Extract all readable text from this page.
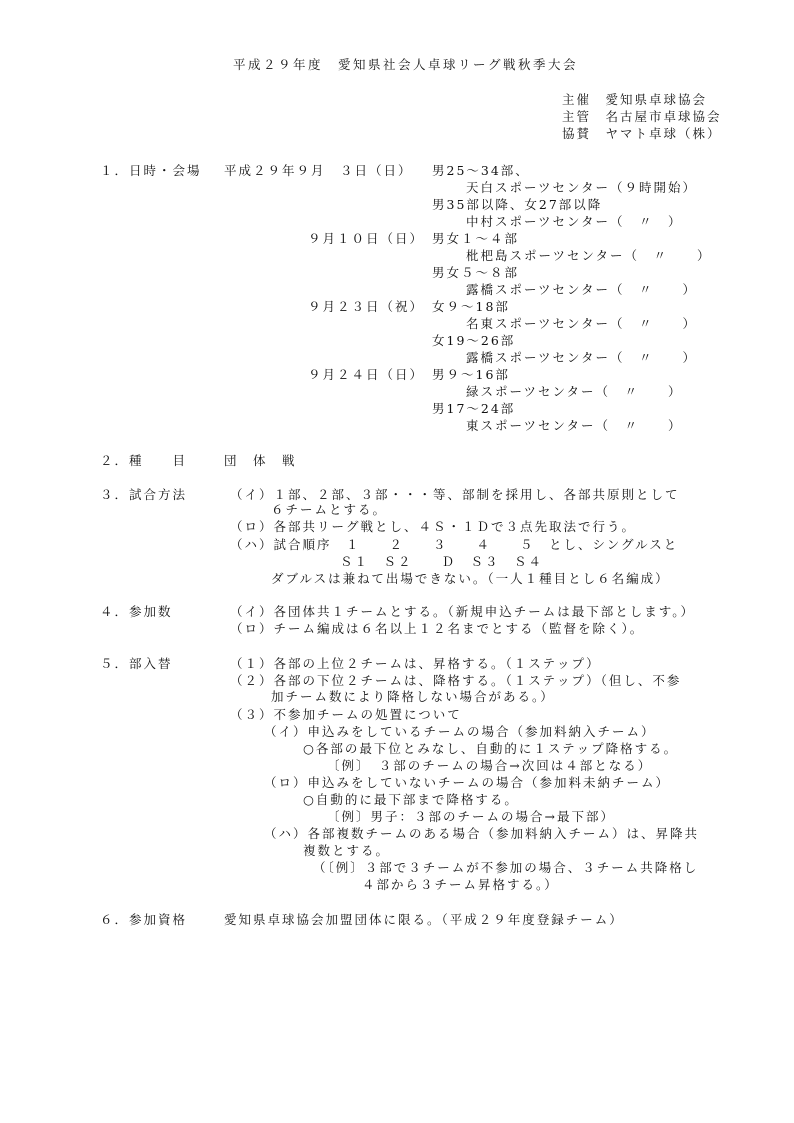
平成２９年度　愛知県社会人卓球リーグ戦秋季大会
主催　愛知県卓球協会
主管　名古屋市卓球協会
協賛　ヤマト卓球（株）
１．日時・会場 平成２９年９月　３日（日） 男25～34部、
天白スポーツセンター（９時開始）
男35部以降、女27部以降
中村スポーツセンター（　〃　）
９月１０日（日） 男女１～４部
枇杷島スポーツセンター（　〃　　）
男女５～８部
露橋スポーツセンター（　〃　　）
９月２３日（祝） 女９～18部
名東スポーツセンター（　〃　　）
女19～26部
露橋スポーツセンター（　〃　　）
９月２４日（日） 男９～16部
緑スポーツセンター（　〃　　）
男17～24部
東スポーツセンター（　〃　　）
２．種　　目	団　体　戦
３．試合方法	（イ）１部、２部、３部・・・等、部制を採用し、各部共原則として
６チームとする。
（ロ）各部共リーグ戦とし、４Ｓ・１Ｄで３点先取法で行う。
（ハ）試合順序　１　　２　　３　　４　　５　とし、シングルスと
Ｓ１　Ｓ２　　Ｄ　Ｓ３　Ｓ４
ダブルスは兼ねて出場できない。（一人１種目とし６名編成）
４．参加数	（イ）各団体共１チームとする。（新規申込チームは最下部とします。）
（ロ）チーム編成は６名以上１２名までとする（監督を除く）。
５．部入替	（１）各部の上位２チームは、昇格する。（１ステップ）
（２）各部の下位２チームは、降格する。（１ステップ）（但し、不参
加チーム数により降格しない場合がある。）
（３）不参加チームの処置について
（イ）申込みをしているチームの場合（参加料納入チーム）
○各部の最下位とみなし、自動的に１ステップ降格する。
〔例〕　３部のチームの場合→次回は４部となる）
（ロ）申込みをしていないチームの場合（参加料未納チーム）
○自動的に最下部まで降格する。
〔例〕男子：３部のチームの場合→最下部）
（ハ）各部複数チームのある場合（参加料納入チーム）は、昇降共
複数とする。
（〔例〕３部で３チームが不参加の場合、３チーム共降格し
４部から３チーム昇格する。）
６．参加資格	愛知県卓球協会加盟団体に限る。（平成２９年度登録チーム）
